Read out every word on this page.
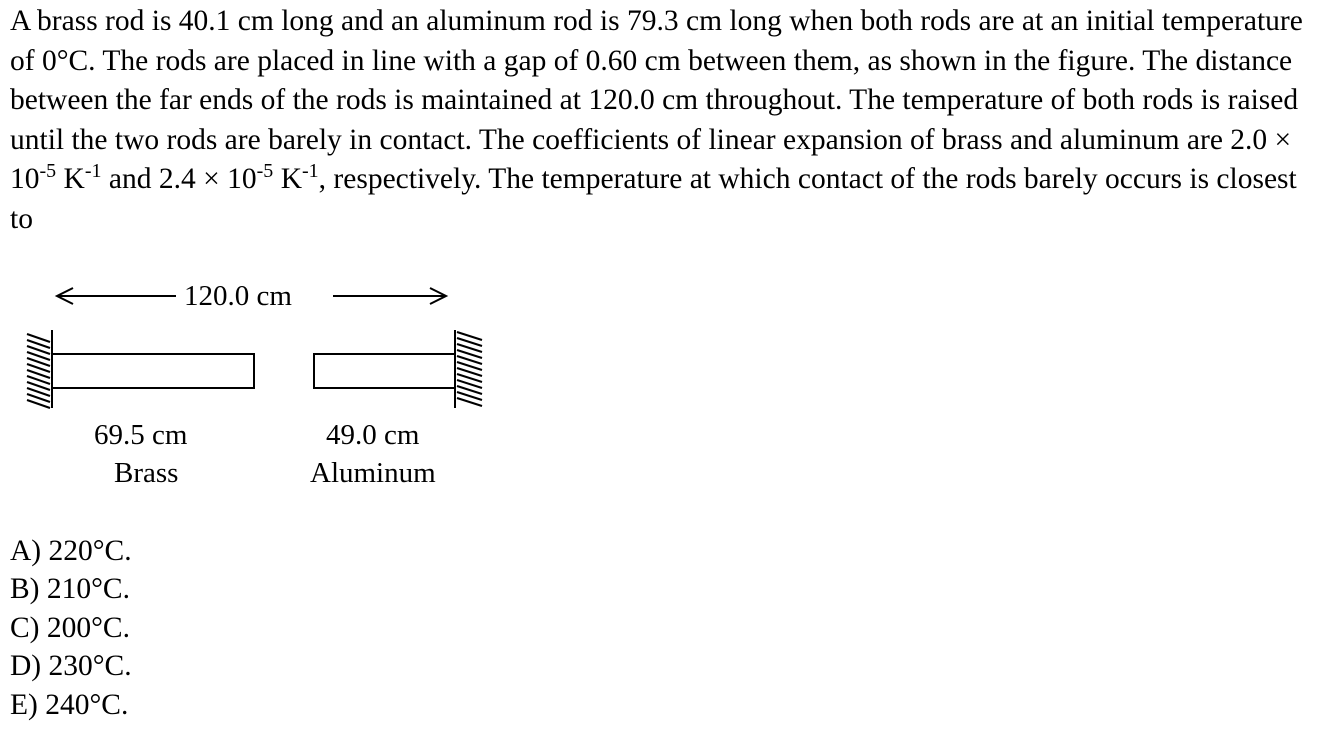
A brass rod is 40.1 cm long and an aluminum rod is 79.3 cm long when both rods are at an initial temperature of 0°C. The rods are placed in line with a gap of 0.60 cm between them, as shown in the figure. The distance between the far ends of the rods is maintained at 120.0 cm throughout. The temperature of both rods is raised until the two rods are barely in contact. The coefficients of linear expansion of brass and aluminum are $2.0 \times 10^{-5}$ $K^{-1}$ and $2.4 \times 10^{-5}$ $K^{-1}$, respectively. The temperature at which contact of the rods barely occurs is closest to

120.0 cm
69.5 cm
Brass
49.0 cm
Aluminum
A) 220°C.
B) 210°C.
C) 200°C.
D) 230°C.
E) 240°C.
